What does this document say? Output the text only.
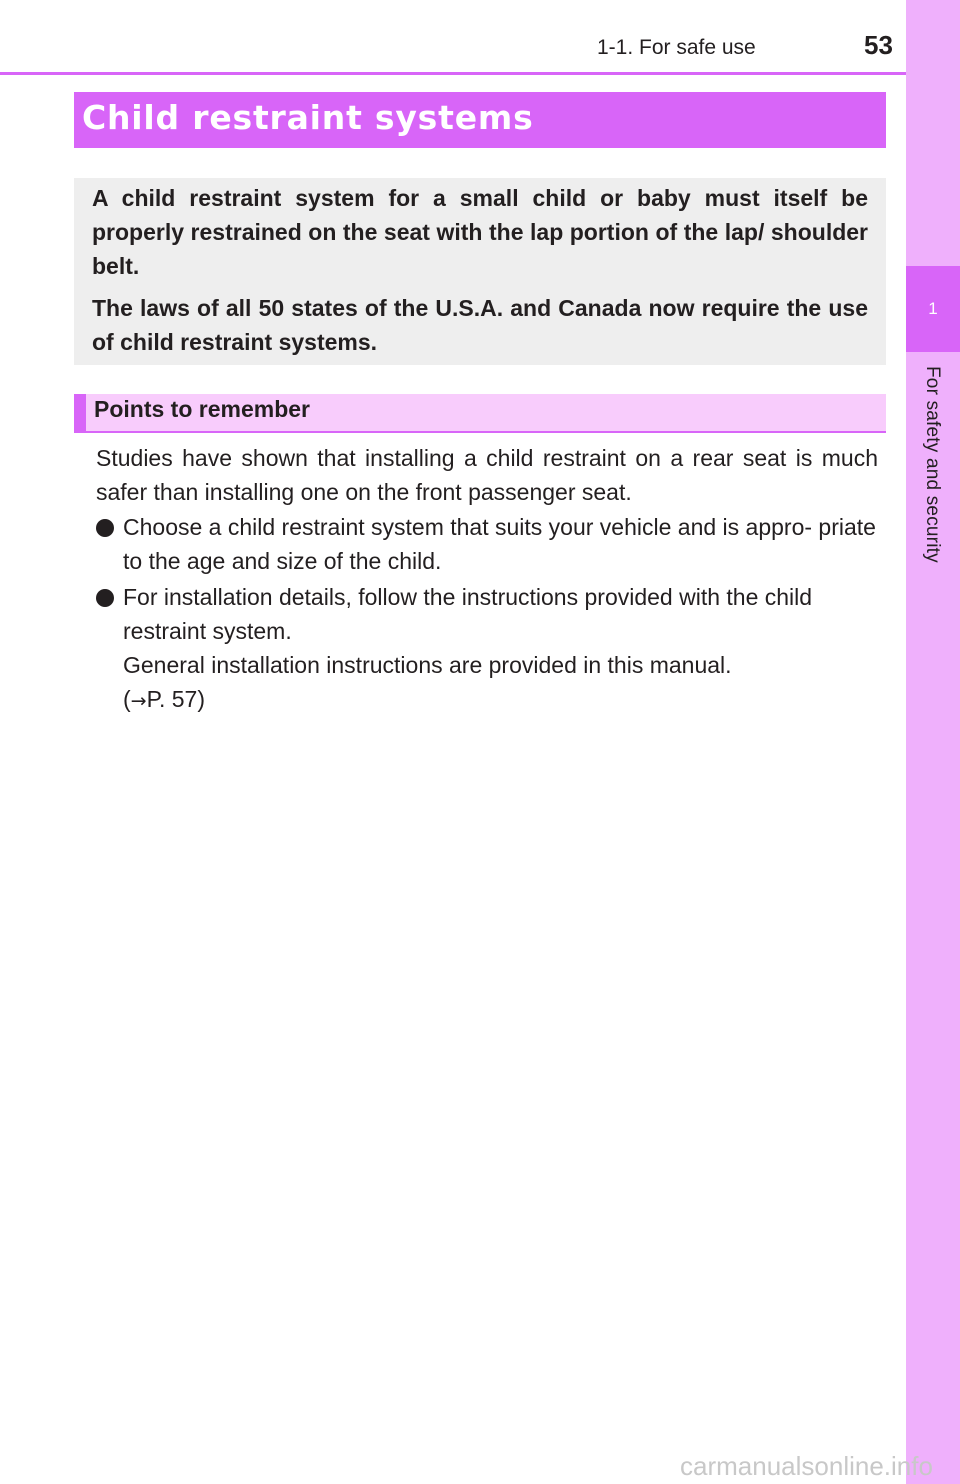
1
For safety and security
1-1. For safe use	53
Child restraint systems

A child restraint system for a small child or baby must itself be properly restrained on the seat with the lap portion of the lap/ shoulder belt.

The laws of all 50 states of the U.S.A. and Canada now require the use of child restraint systems.

Points to remember

Studies have shown that installing a child restraint on a rear seat is much safer than installing one on the front passenger seat.

Choose a child restraint system that suits your vehicle and is appro- priate to the age and size of the child.

For installation details, follow the instructions provided with the child restraint system.

General installation instructions are provided in this manual.

(→P. 57)

carmanualsonline.info
